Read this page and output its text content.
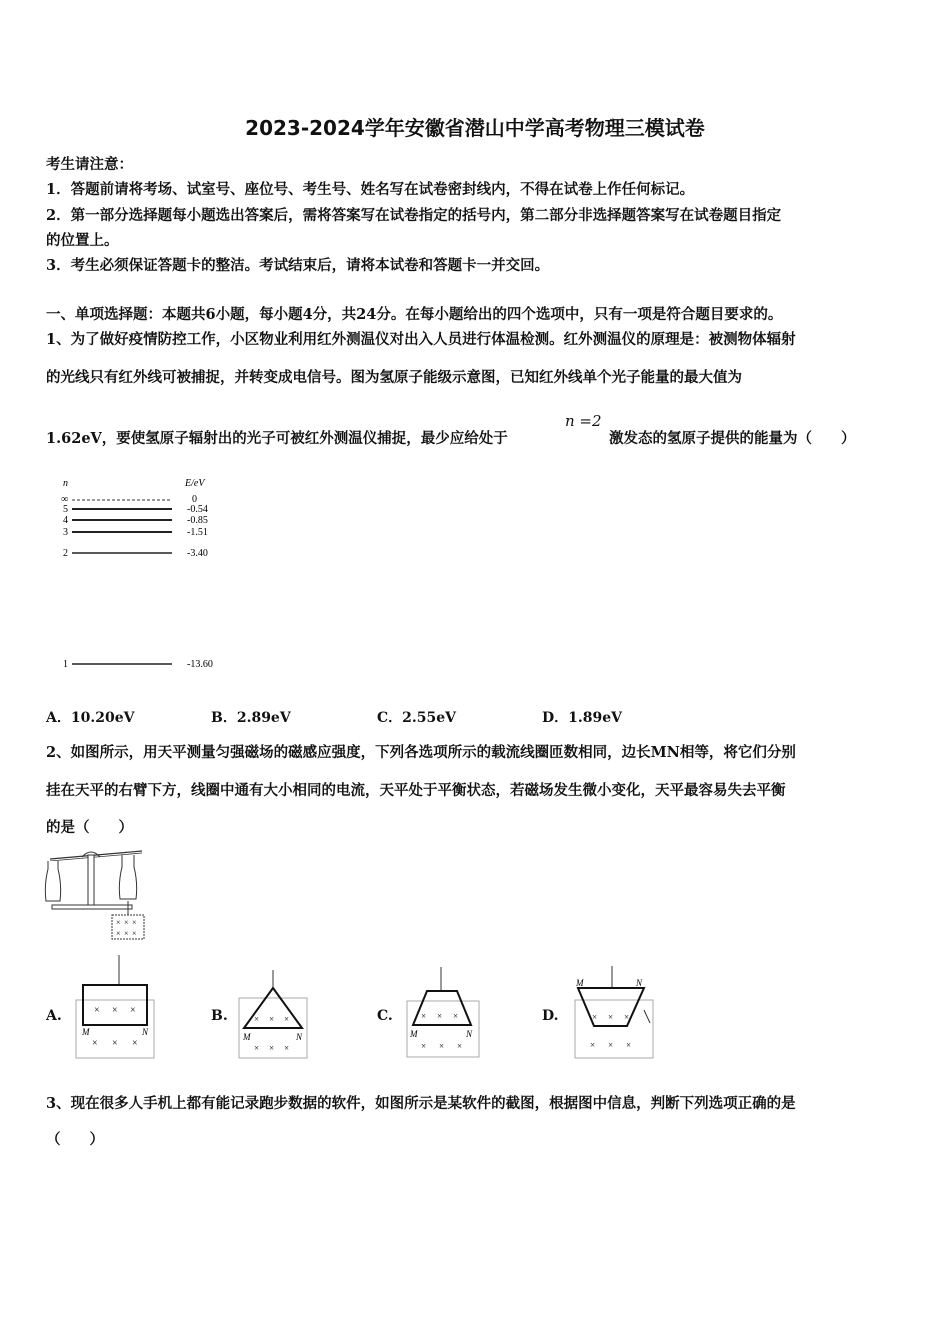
2023-2024学年安徽省潜山中学高考物理三模试卷
考生请注意：
1．答题前请将考场、试室号、座位号、考生号、姓名写在试卷密封线内，不得在试卷上作任何标记。
2．第一部分选择题每小题选出答案后，需将答案写在试卷指定的括号内，第二部分非选择题答案写在试卷题目指定
的位置上。
3．考生必须保证答题卡的整洁。考试结束后，请将本试卷和答题卡一并交回。
一、单项选择题：本题共6小题，每小题4分，共24分。在每小题给出的四个选项中，只有一项是符合题目要求的。
1、为了做好疫情防控工作，小区物业利用红外测温仪对出入人员进行体温检测。红外测温仪的原理是：被测物体辐射
的光线只有红外线可被捕捉，并转变成电信号。图为氢原子能级示意图，已知红外线单个光子能量的最大值为
1.62eV，要使氢原子辐射出的光子可被红外测温仪捕捉，最少应给处于
n =2
激发态的氢原子提供的能量为（　　）
n	E/eV
∞	0
5	-0.54
4	-0.85
3	-1.51
2	-3.40
1	-13.60
A．10.20eV	B．2.89eV	C．2.55eV	D．1.89eV
2、如图所示，用天平测量匀强磁场的磁感应强度，下列各选项所示的载流线圈匝数相同，边长MN相等，将它们分别
挂在天平的右臂下方，线圈中通有大小相同的电流，天平处于平衡状态，若磁场发生微小变化，天平最容易失去平衡
的是（　　）
× × ×
× × ×
A.	× × ×
× × ×
M	N
B.	× × ×
× × ×
M	N
C.	× × ×
× × ×
M	N
D.
M	N
× × ×
× × ×
3、现在很多人手机上都有能记录跑步数据的软件，如图所示是某软件的截图，根据图中信息，判断下列选项正确的是
（　　）
